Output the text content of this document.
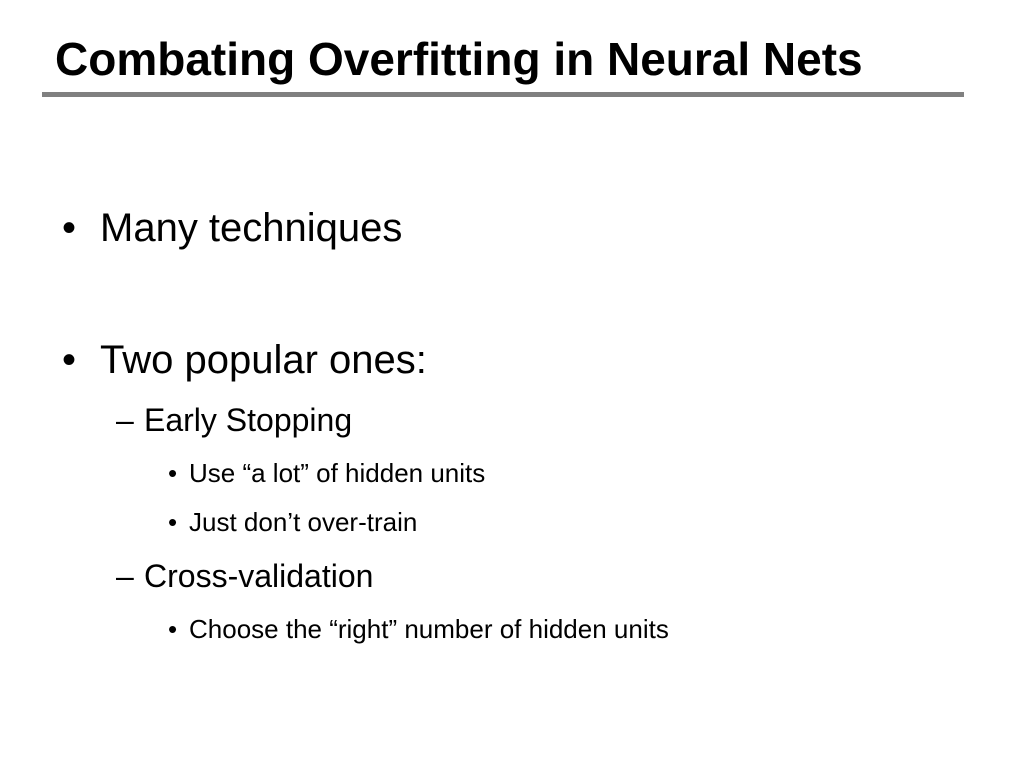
Combating Overfitting in Neural Nets
• Many techniques
• Two popular ones:
– Early Stopping
• Use “a lot” of hidden units
• Just don’t over-train
– Cross-validation
• Choose the “right” number of hidden units
